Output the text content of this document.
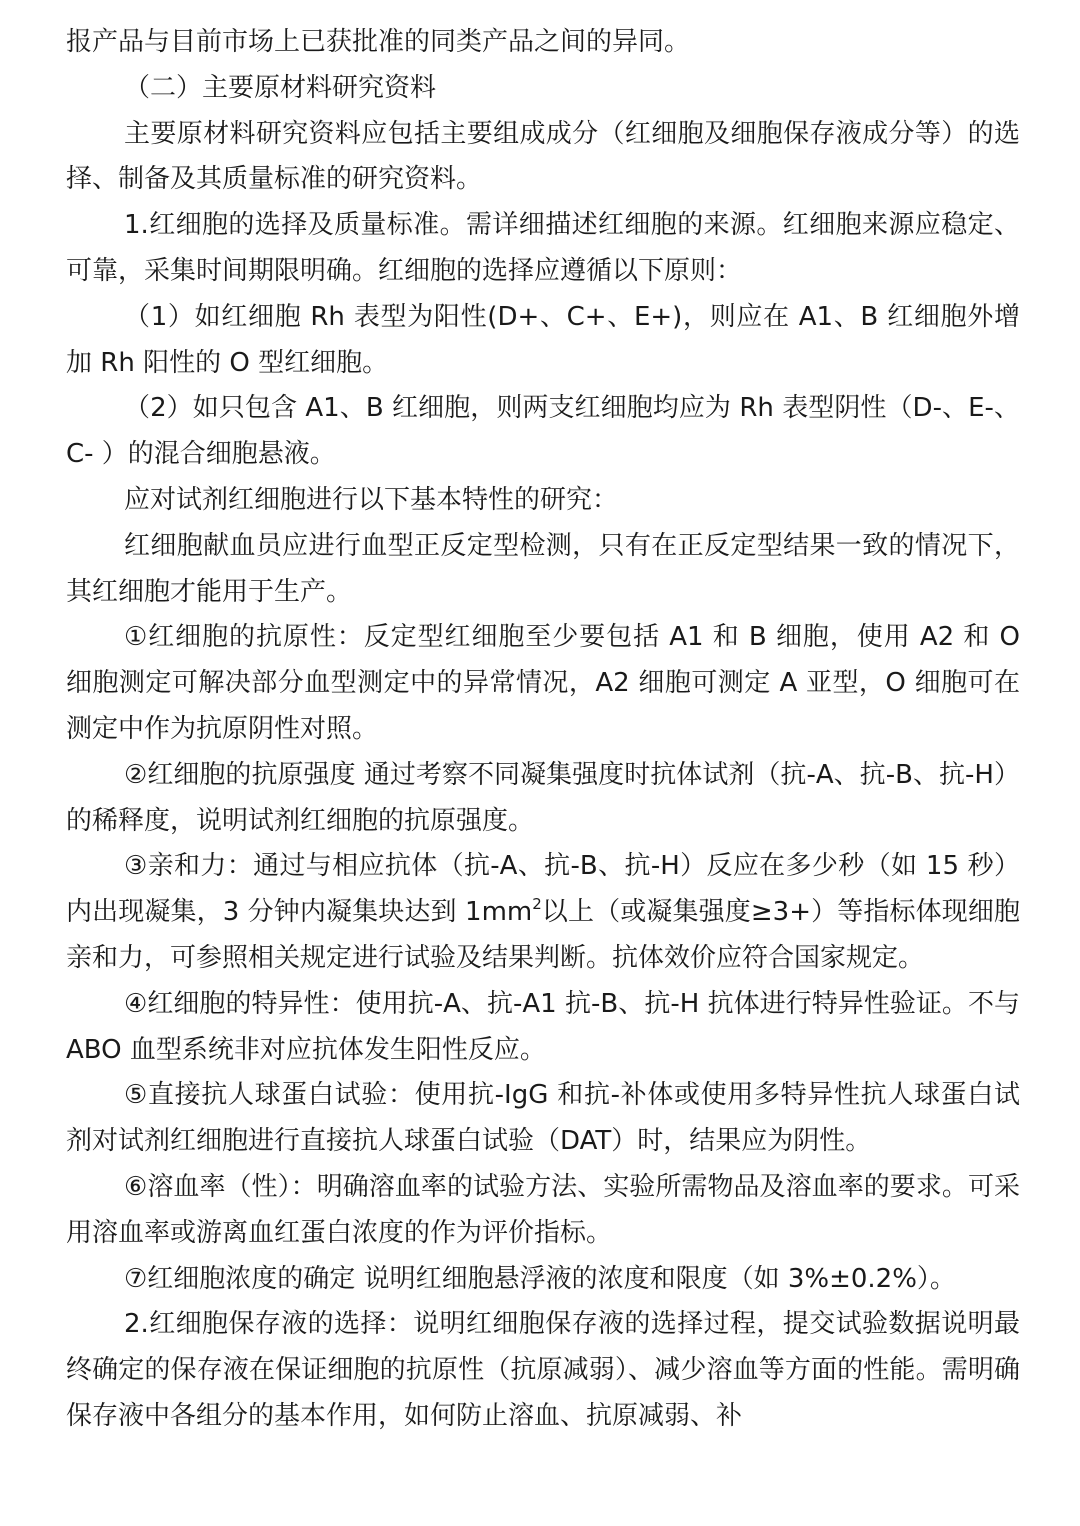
报产品与目前市场上已获批准的同类产品之间的异同。

（二）主要原材料研究资料

主要原材料研究资料应包括主要组成成分（红细胞及细胞保存液成分等）的选择、制备及其质量标准的研究资料。

1.红细胞的选择及质量标准。需详细描述红细胞的来源。红细胞来源应稳定、可靠，采集时间期限明确。红细胞的选择应遵循以下原则：

（1）如红细胞 Rh 表型为阳性(D+、C+、E+)，则应在 A1、B 红细胞外增加 Rh 阳性的 O 型红细胞。

（2）如只包含 A1、B 红细胞，则两支红细胞均应为 Rh 表型阴性（D-、E-、C- ）的混合细胞悬液。

应对试剂红细胞进行以下基本特性的研究：

红细胞献血员应进行血型正反定型检测，只有在正反定型结果一致的情况下，其红细胞才能用于生产。

①红细胞的抗原性：反定型红细胞至少要包括 A1 和 B 细胞，使用 A2 和 O 细胞测定可解决部分血型测定中的异常情况，A2 细胞可测定 A 亚型，O 细胞可在测定中作为抗原阴性对照。

②红细胞的抗原强度 通过考察不同凝集强度时抗体试剂（抗-A、抗-B、抗-H）的稀释度，说明试剂红细胞的抗原强度。

③亲和力：通过与相应抗体（抗-A、抗-B、抗-H）反应在多少秒（如 15 秒）内出现凝集，3 分钟内凝集块达到 $1mm^2$以上（或凝集强度≥3+）等指标体现细胞亲和力，可参照相关规定进行试验及结果判断。抗体效价应符合国家规定。

④红细胞的特异性：使用抗-A、抗-A1 抗-B、抗-H 抗体进行特异性验证。不与 ABO 血型系统非对应抗体发生阳性反应。

⑤直接抗人球蛋白试验：使用抗-IgG 和抗-补体或使用多特异性抗人球蛋白试剂对试剂红细胞进行直接抗人球蛋白试验（DAT）时，结果应为阴性。

⑥溶血率（性）：明确溶血率的试验方法、实验所需物品及溶血率的要求。可采用溶血率或游离血红蛋白浓度的作为评价指标。

⑦红细胞浓度的确定 说明红细胞悬浮液的浓度和限度（如 3%±0.2%）。

2.红细胞保存液的选择：说明红细胞保存液的选择过程，提交试验数据说明最终确定的保存液在保证细胞的抗原性（抗原减弱）、减少溶血等方面的性能。需明确保存液中各组分的基本作用，如何防止溶血、抗原减弱、补
